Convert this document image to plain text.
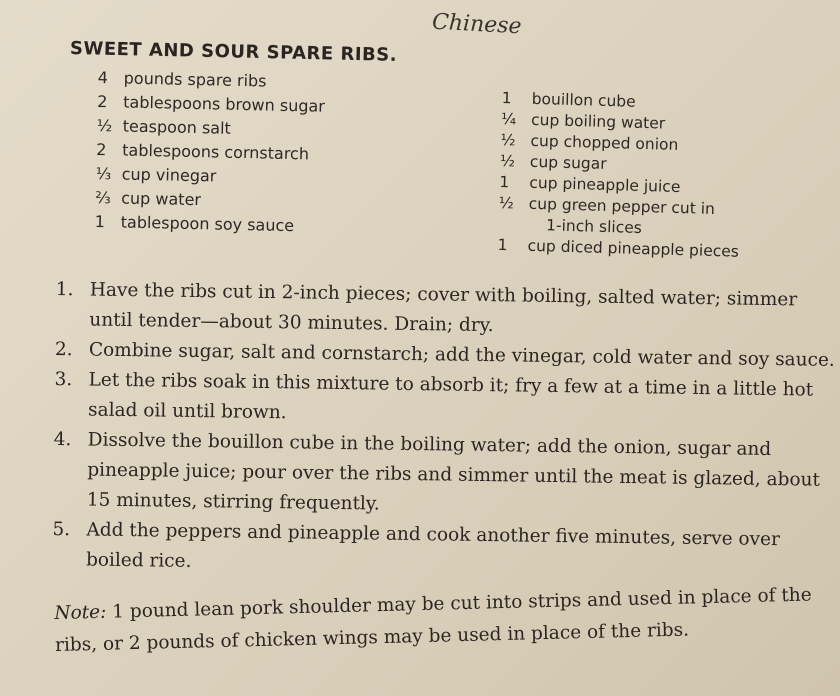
Chinese
SWEET AND SOUR SPARE RIBS.
4 pounds spare ribs
2 tablespoons brown sugar
½ teaspoon salt
2 tablespoons cornstarch
⅓ cup vinegar
⅔ cup water
1 tablespoon soy sauce
1 bouillon cube
¼ cup boiling water
½ cup chopped onion
½ cup sugar
1 cup pineapple juice
½ cup green pepper cut in
1-inch slices
1 cup diced pineapple pieces
1. Have the ribs cut in 2-inch pieces; cover with boiling, salted water; simmer until tender—about 30 minutes. Drain; dry.
2. Combine sugar, salt and cornstarch; add the vinegar, cold water and soy sauce.
3. Let the ribs soak in this mixture to absorb it; fry a few at a time in a little hot salad oil until brown.
4. Dissolve the bouillon cube in the boiling water; add the onion, sugar and pineapple juice; pour over the ribs and simmer until the meat is glazed, about 15 minutes, stirring frequently.
5. Add the peppers and pineapple and cook another five minutes, serve over boiled rice.

Note: 1 pound lean pork shoulder may be cut into strips and used in place of the ribs, or 2 pounds of chicken wings may be used in place of the ribs.
